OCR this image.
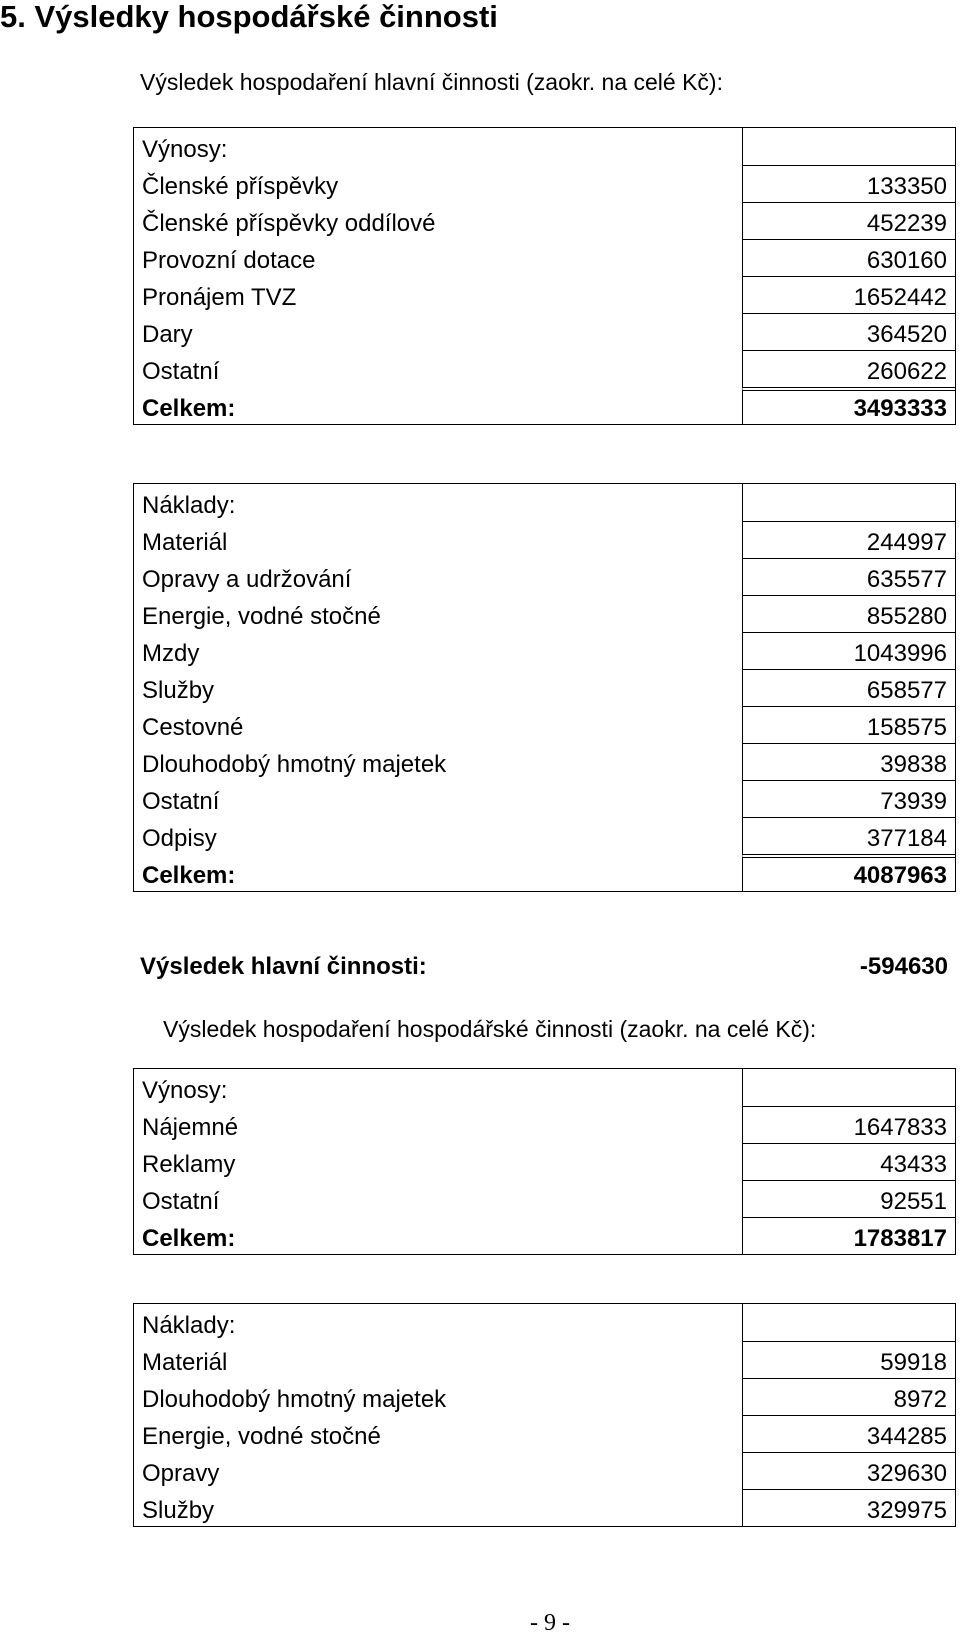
5. Výsledky hospodářské činnosti
Výsledek hospodaření hlavní činnosti (zaokr. na celé Kč):
Výnosy:
Členské příspěvky	133350
Členské příspěvky oddílové	452239
Provozní dotace	630160
Pronájem TVZ	1652442
Dary	364520
Ostatní	260622
Celkem:	3493333
Náklady:
Materiál	244997
Opravy a udržování	635577
Energie, vodné stočné	855280
Mzdy	1043996
Služby	658577
Cestovné	158575
Dlouhodobý hmotný majetek	39838
Ostatní	73939
Odpisy	377184
Celkem:	4087963
Výsledek hlavní činnosti:	-594630
Výsledek hospodaření hospodářské činnosti (zaokr. na celé Kč):
Výnosy:
Nájemné	1647833
Reklamy	43433
Ostatní	92551
Celkem:	1783817
Náklady:
Materiál	59918
Dlouhodobý hmotný majetek	8972
Energie, vodné stočné	344285
Opravy	329630
Služby	329975
- 9 -
